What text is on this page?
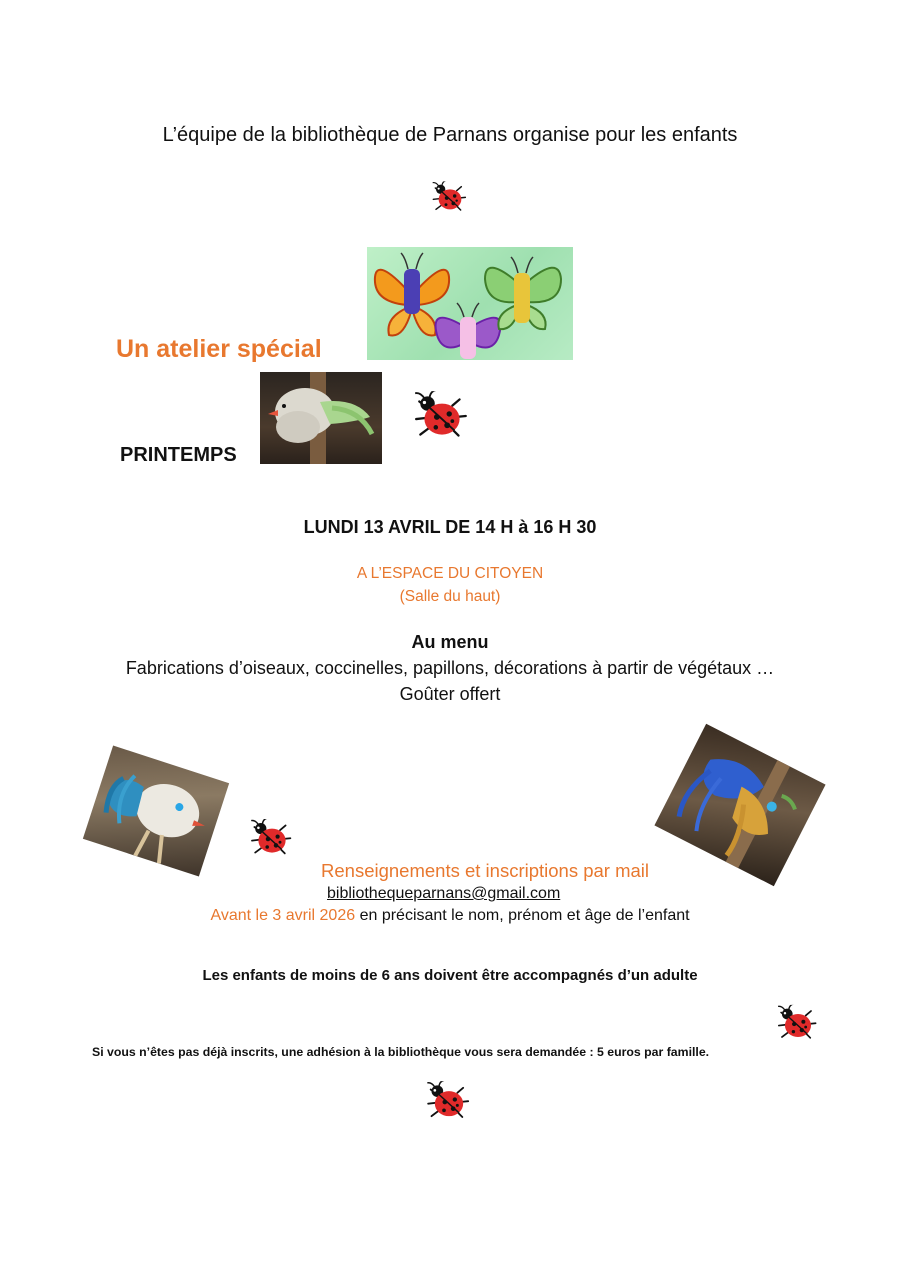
L’équipe de la bibliothèque de Parnans organise pour les enfants
Un atelier spécial
PRINTEMPS
LUNDI 13 AVRIL DE 14 H à 16 H 30
A L’ESPACE DU CITOYEN
(Salle du haut)
Au menu
Fabrications d’oiseaux, coccinelles, papillons, décorations à partir de végétaux …
Goûter offert
Renseignements et inscriptions par mail
bibliothequeparnans@gmail.com
Avant le 3 avril 2026 en précisant le nom, prénom et âge de l’enfant
Les enfants de moins de 6 ans doivent être accompagnés d’un adulte
Si vous n’êtes pas déjà inscrits, une adhésion à la bibliothèque vous sera demandée : 5 euros par famille.
